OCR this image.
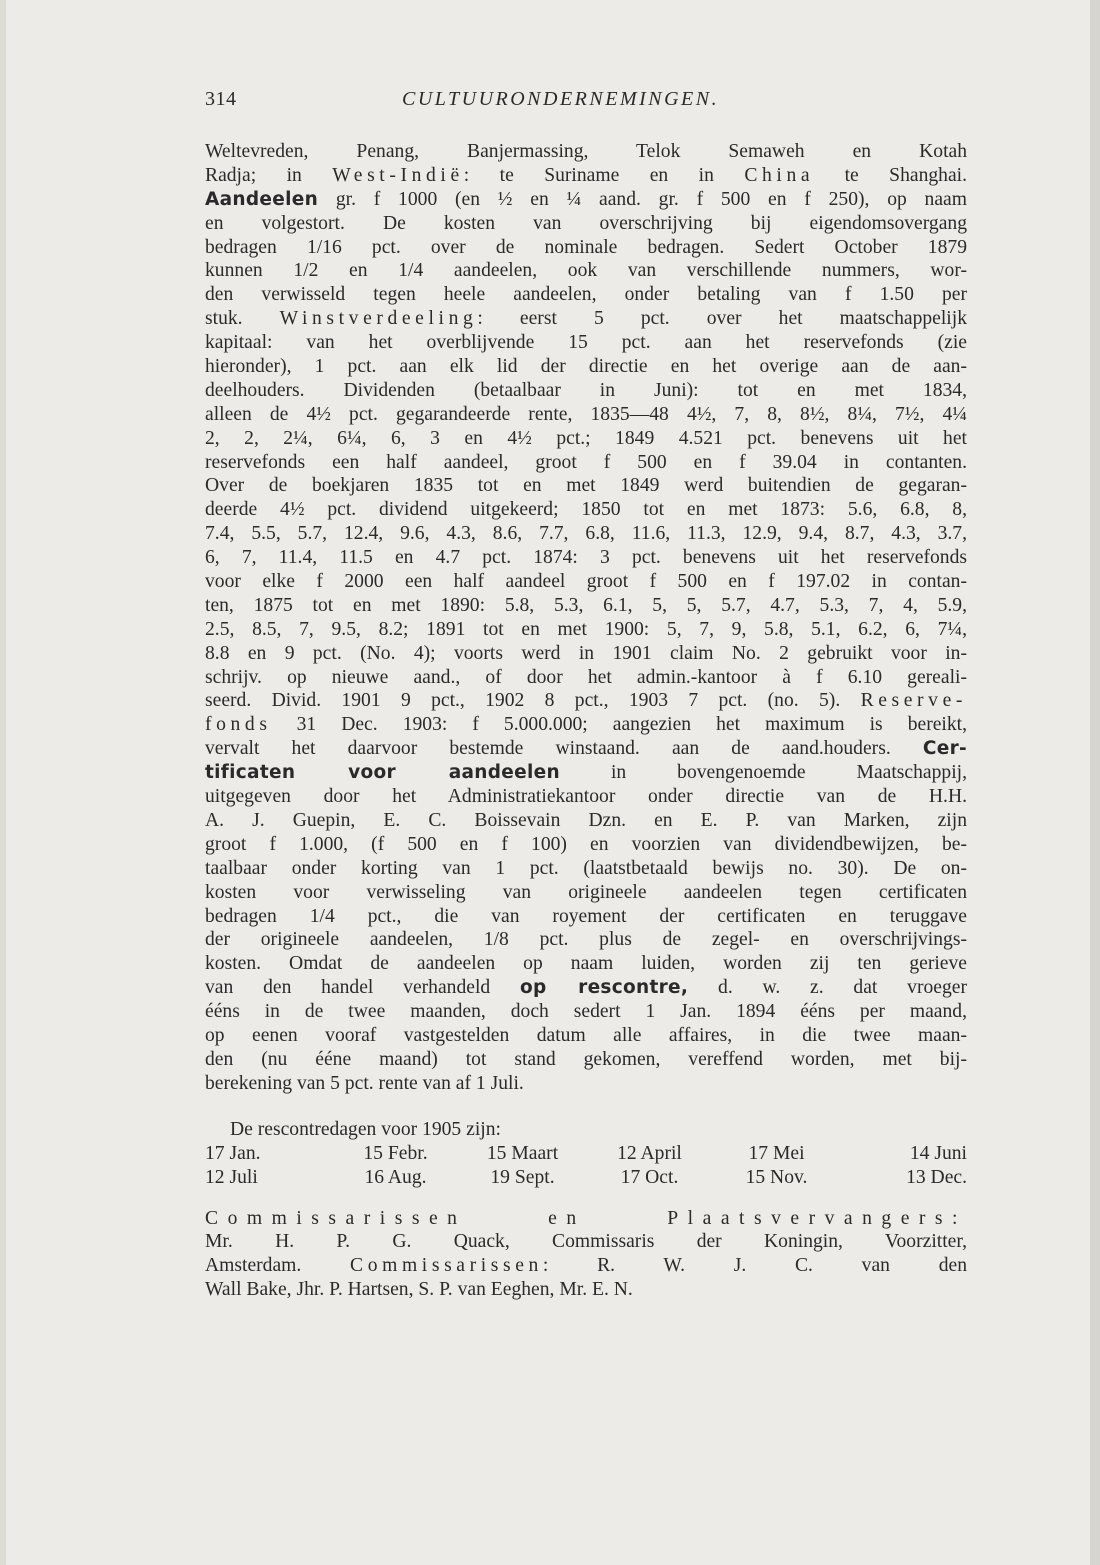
314	CULTUURONDERNEMINGEN.
Weltevreden, Penang, Banjermassing, Telok Semaweh en Kotah
Radja; in West-Indië: te Suriname en in China te Shanghai.
Aandeelen gr. f 1000 (en ½ en ¼ aand. gr. f 500 en f 250), op naam
en volgestort. De kosten van overschrijving bij eigendomsovergang
bedragen 1/16 pct. over de nominale bedragen. Sedert October 1879
kunnen 1/2 en 1/4 aandeelen, ook van verschillende nummers, wor-
den verwisseld tegen heele aandeelen, onder betaling van f 1.50 per
stuk. Winstverdeeling: eerst 5 pct. over het maatschappelijk
kapitaal: van het overblijvende 15 pct. aan het reservefonds (zie
hieronder), 1 pct. aan elk lid der directie en het overige aan de aan-
deelhouders. Dividenden (betaalbaar in Juni): tot en met 1834,
alleen de 4½ pct. gegarandeerde rente, 1835—48 4½, 7, 8, 8½, 8¼, 7½, 4¼
2, 2, 2¼, 6¼, 6, 3 en 4½ pct.; 1849 4.521 pct. benevens uit het
reservefonds een half aandeel, groot f 500 en f 39.04 in contanten.
Over de boekjaren 1835 tot en met 1849 werd buitendien de gegaran-
deerde 4½ pct. dividend uitgekeerd; 1850 tot en met 1873: 5.6, 6.8, 8,
7.4, 5.5, 5.7, 12.4, 9.6, 4.3, 8.6, 7.7, 6.8, 11.6, 11.3, 12.9, 9.4, 8.7, 4.3, 3.7,
6, 7, 11.4, 11.5 en 4.7 pct. 1874: 3 pct. benevens uit het reservefonds
voor elke f 2000 een half aandeel groot f 500 en f 197.02 in contan-
ten, 1875 tot en met 1890: 5.8, 5.3, 6.1, 5, 5, 5.7, 4.7, 5.3, 7, 4, 5.9,
2.5, 8.5, 7, 9.5, 8.2; 1891 tot en met 1900: 5, 7, 9, 5.8, 5.1, 6.2, 6, 7¼,
8.8 en 9 pct. (No. 4); voorts werd in 1901 claim No. 2 gebruikt voor in-
schrijv. op nieuwe aand., of door het admin.-kantoor à f 6.10 gereali-
seerd. Divid. 1901 9 pct., 1902 8 pct., 1903 7 pct. (no. 5). Reserve-
fonds 31 Dec. 1903: f 5.000.000; aangezien het maximum is bereikt,
vervalt het daarvoor bestemde winstaand. aan de aand.houders. Cer-
tificaten voor aandeelen in bovengenoemde Maatschappij,
uitgegeven door het Administratiekantoor onder directie van de H.H.
A. J. Guepin, E. C. Boissevain Dzn. en E. P. van Marken, zijn
groot f 1.000, (f 500 en f 100) en voorzien van dividendbewijzen, be-
taalbaar onder korting van 1 pct. (laatstbetaald bewijs no. 30). De on-
kosten voor verwisseling van origineele aandeelen tegen certificaten
bedragen 1/4 pct., die van royement der certificaten en teruggave
der origineele aandeelen, 1/8 pct. plus de zegel- en overschrijvings-
kosten. Omdat de aandeelen op naam luiden, worden zij ten gerieve
van den handel verhandeld op rescontre, d. w. z. dat vroeger
ééns in de twee maanden, doch sedert 1 Jan. 1894 ééns per maand,
op eenen vooraf vastgestelden datum alle affaires, in die twee maan-
den (nu ééne maand) tot stand gekomen, vereffend worden, met bij-
berekening van 5 pct. rente van af 1 Juli.
De rescontredagen voor 1905 zijn:
17 Jan.	15 Febr.	15 Maart	12 April	17 Mei	14 Juni
12 Juli	16 Aug.	19 Sept.	17 Oct.	15 Nov.	13 Dec.
Commissarissen en Plaatsvervangers:
Mr. H. P. G. Quack, Commissaris der Koningin, Voorzitter,
Amsterdam. Commissarissen: R. W. J. C. van den
Wall Bake, Jhr. P. Hartsen, S. P. van Eeghen, Mr. E. N.
